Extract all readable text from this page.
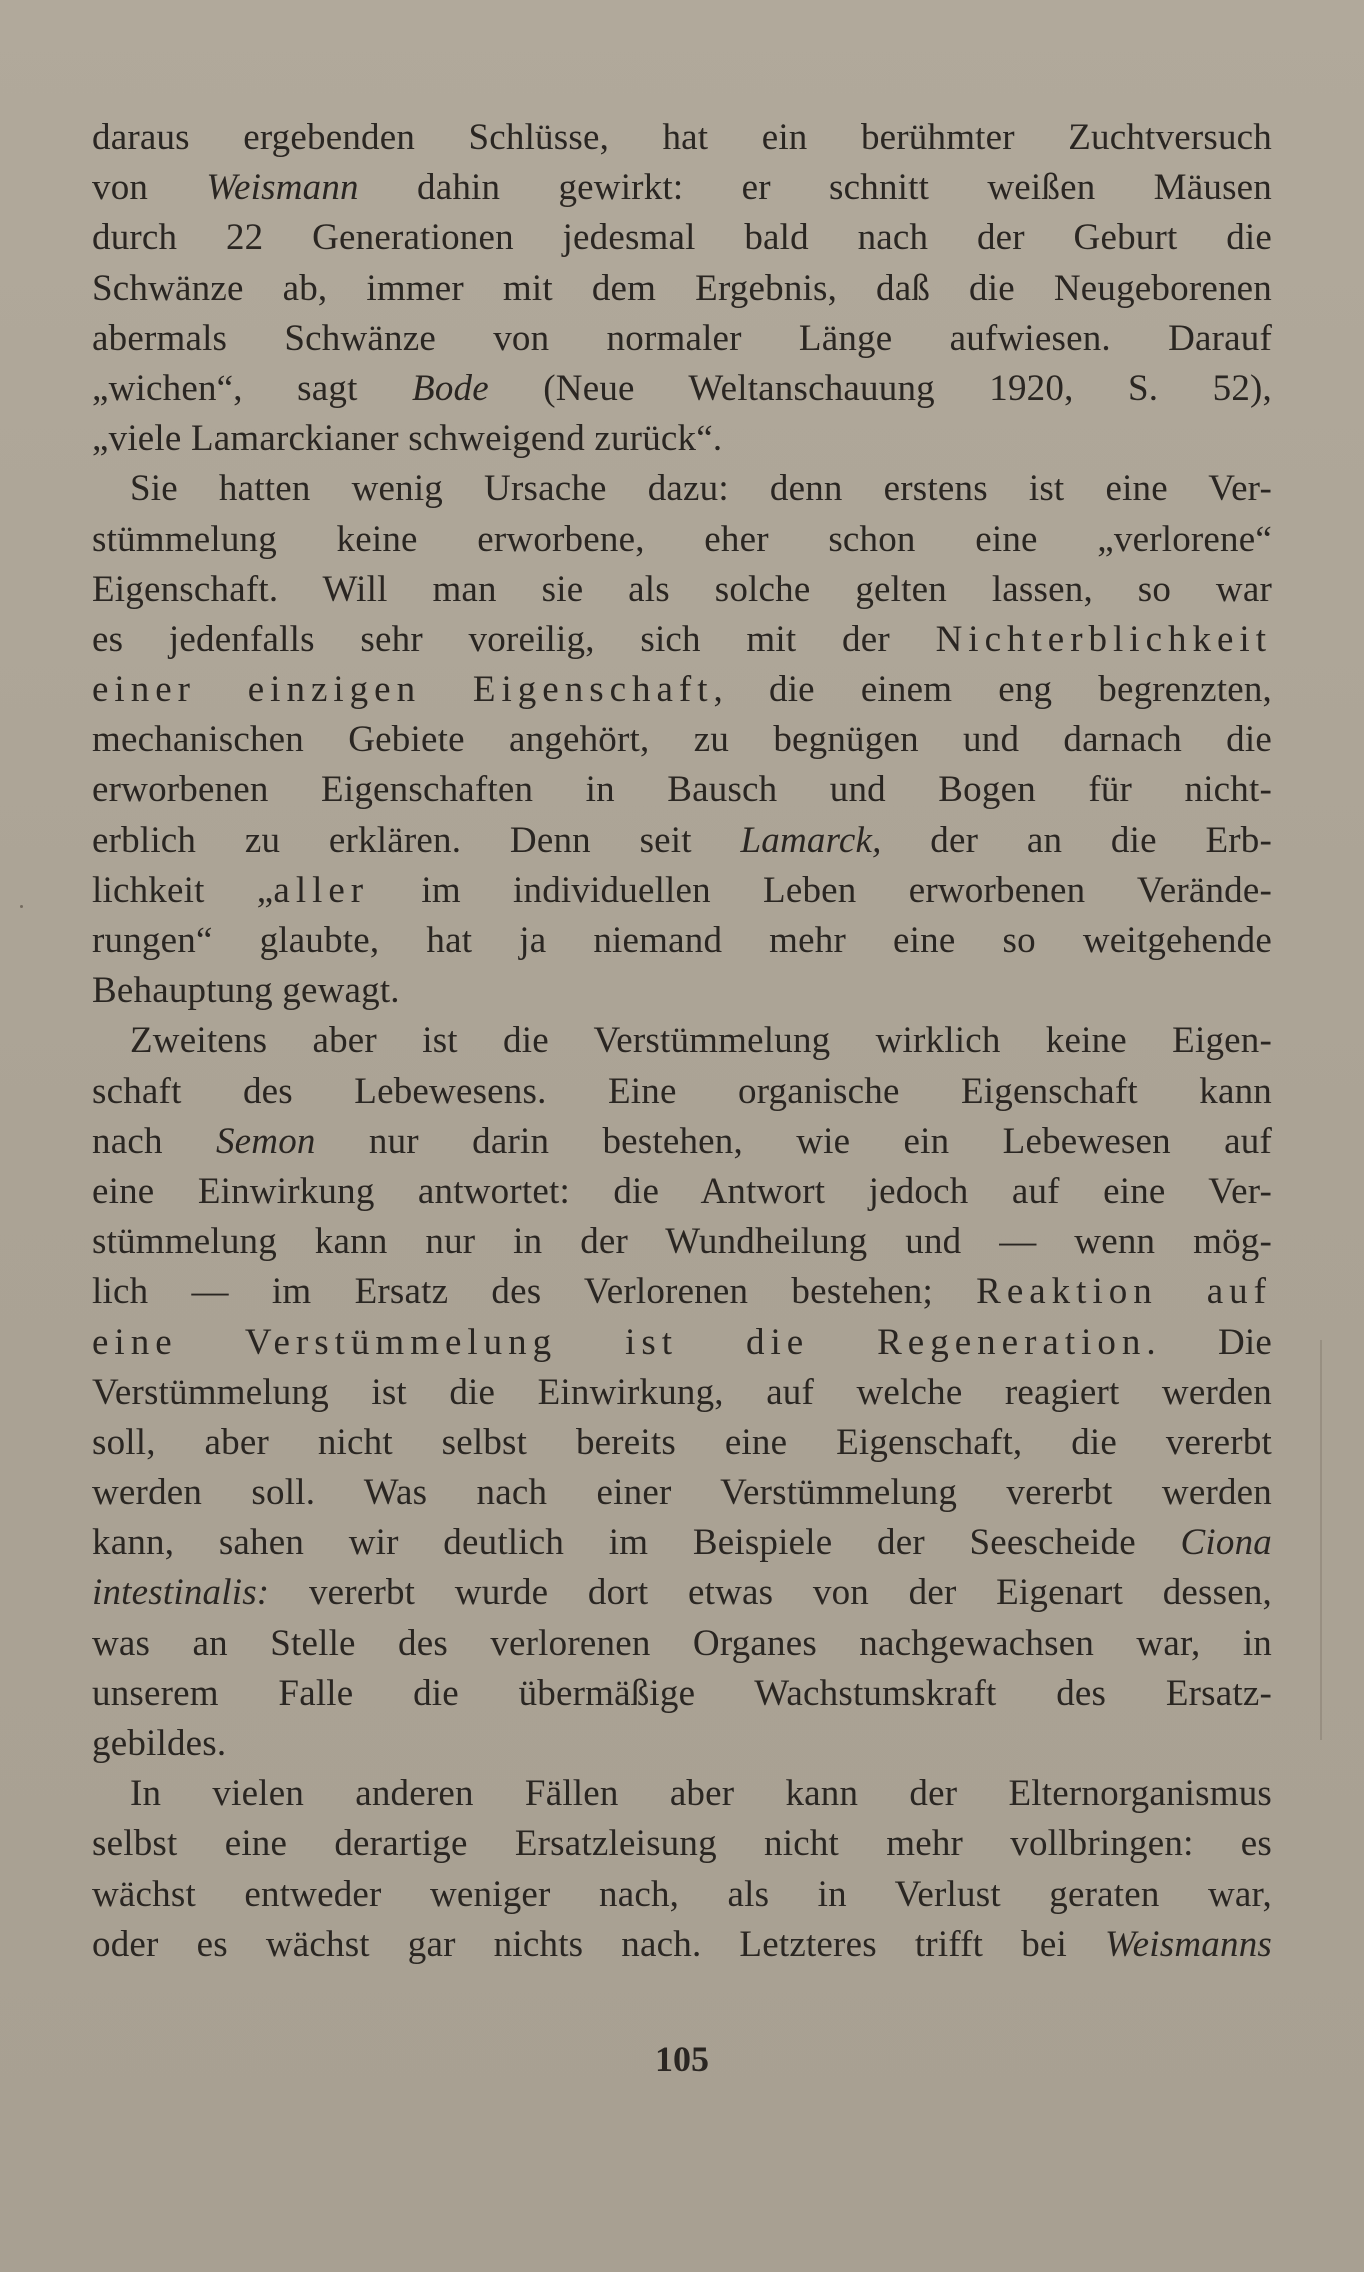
daraus ergebenden Schlüsse, hat ein berühmter Zuchtversuch
von Weismann dahin gewirkt: er schnitt weißen Mäusen
durch 22 Generationen jedesmal bald nach der Geburt die
Schwänze ab, immer mit dem Ergebnis, daß die Neugeborenen
abermals Schwänze von normaler Länge aufwiesen. Darauf
„wichen“, sagt Bode (Neue Weltanschauung 1920, S. 52),
„viele Lamarckianer schweigend zurück“.
Sie hatten wenig Ursache dazu: denn erstens ist eine Ver-
stümmelung keine erworbene, eher schon eine „verlorene“
Eigenschaft. Will man sie als solche gelten lassen, so war
es jedenfalls sehr voreilig, sich mit der Nichterblichkeit
einer einzigen Eigenschaft, die einem eng begrenzten,
mechanischen Gebiete angehört, zu begnügen und darnach die
erworbenen Eigenschaften in Bausch und Bogen für nicht-
erblich zu erklären. Denn seit Lamarck, der an die Erb-
lichkeit „aller im individuellen Leben erworbenen Verände-
rungen“ glaubte, hat ja niemand mehr eine so weitgehende
Behauptung gewagt.
Zweitens aber ist die Verstümmelung wirklich keine Eigen-
schaft des Lebewesens. Eine organische Eigenschaft kann
nach Semon nur darin bestehen, wie ein Lebewesen auf
eine Einwirkung antwortet: die Antwort jedoch auf eine Ver-
stümmelung kann nur in der Wundheilung und — wenn mög-
lich — im Ersatz des Verlorenen bestehen; Reaktion auf
eine Verstümmelung ist die Regeneration. Die
Verstümmelung ist die Einwirkung, auf welche reagiert werden
soll, aber nicht selbst bereits eine Eigenschaft, die vererbt
werden soll. Was nach einer Verstümmelung vererbt werden
kann, sahen wir deutlich im Beispiele der Seescheide Ciona
intestinalis: vererbt wurde dort etwas von der Eigenart dessen,
was an Stelle des verlorenen Organes nachgewachsen war, in
unserem Falle die übermäßige Wachstumskraft des Ersatz-
gebildes.
In vielen anderen Fällen aber kann der Elternorganismus
selbst eine derartige Ersatzleisung nicht mehr vollbringen: es
wächst entweder weniger nach, als in Verlust geraten war,
oder es wächst gar nichts nach. Letzteres trifft bei Weismanns
105
